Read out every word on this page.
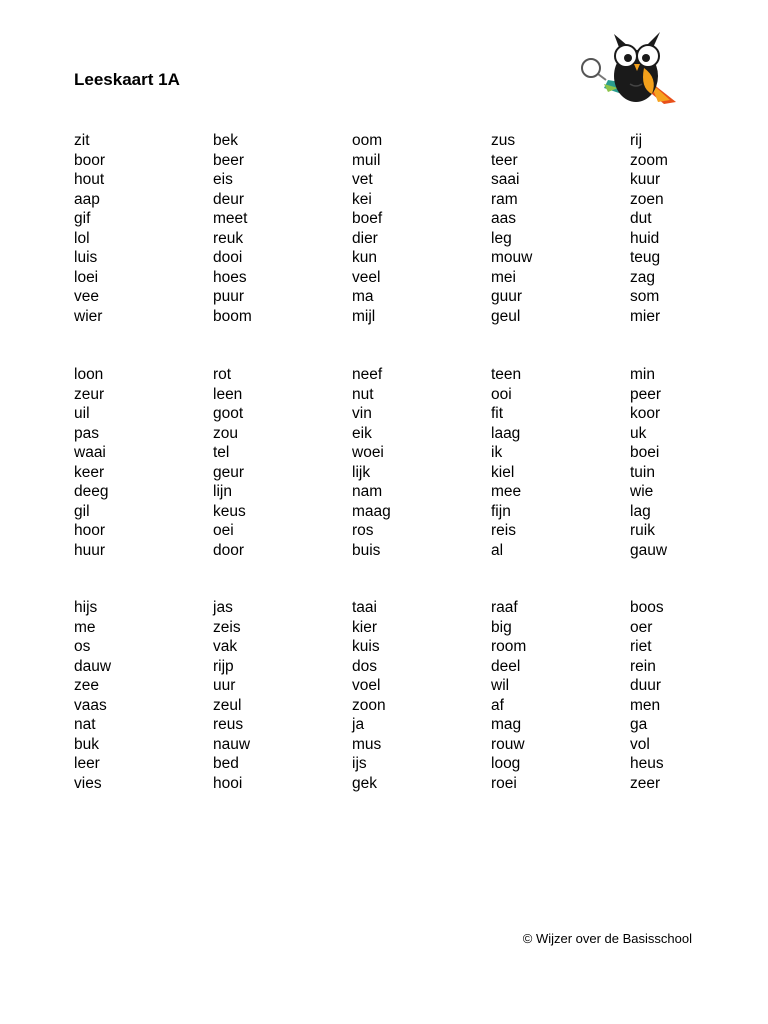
Leeskaart 1A
zit
boor
hout
aap
gif
lol
luis
loei
vee
wier
bek
beer
eis
deur
meet
reuk
dooi
hoes
puur
boom
oom
muil
vet
kei
boef
dier
kun
veel
ma
mijl
zus
teer
saai
ram
aas
leg
mouw
mei
guur
geul
rij
zoom
kuur
zoen
dut
huid
teug
zag
som
mier
loon
zeur
uil
pas
waai
keer
deeg
gil
hoor
huur
rot
leen
goot
zou
tel
geur
lijn
keus
oei
door
neef
nut
vin
eik
woei
lijk
nam
maag
ros
buis
teen
ooi
fit
laag
ik
kiel
mee
fijn
reis
al
min
peer
koor
uk
boei
tuin
wie
lag
ruik
gauw
hijs
me
os
dauw
zee
vaas
nat
buk
leer
vies
jas
zeis
vak
rijp
uur
zeul
reus
nauw
bed
hooi
taai
kier
kuis
dos
voel
zoon
ja
mus
ijs
gek
raaf
big
room
deel
wil
af
mag
rouw
loog
roei
boos
oer
riet
rein
duur
men
ga
vol
heus
zeer
© Wijzer over de Basisschool
